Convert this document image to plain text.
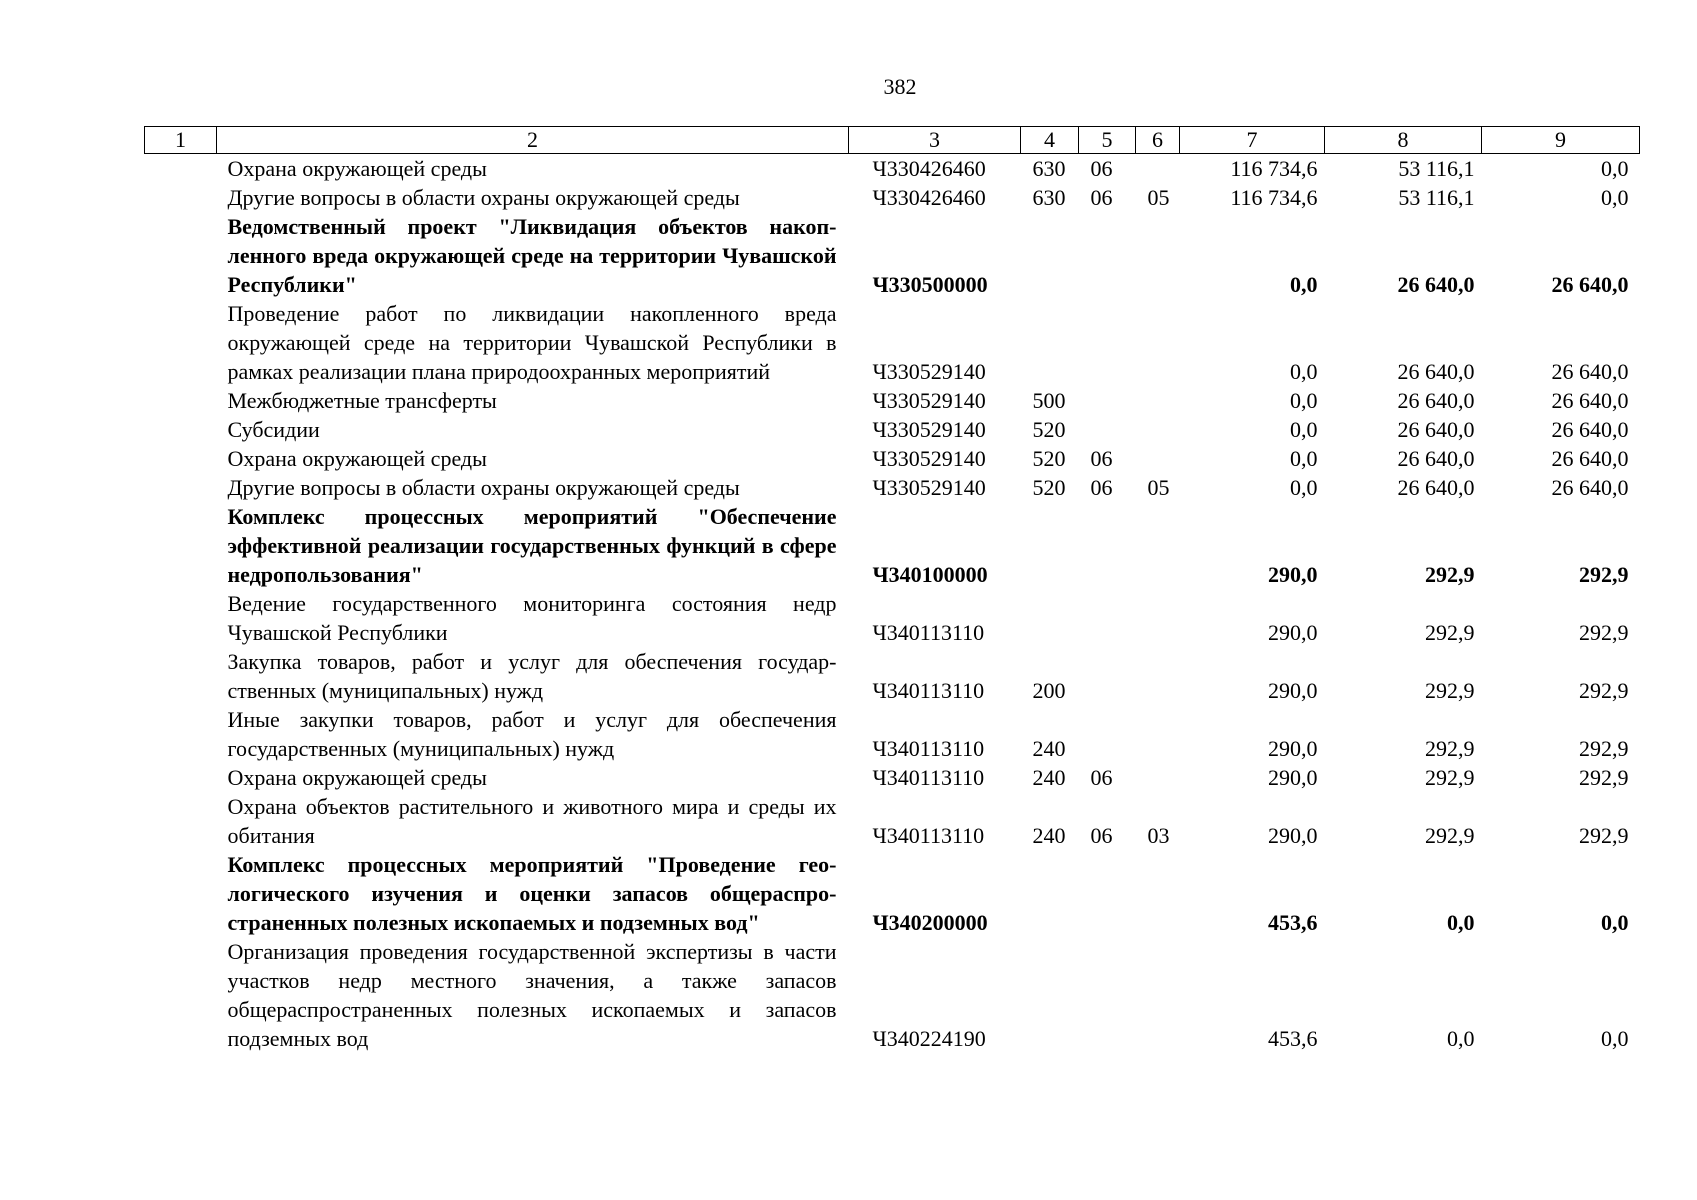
382
1	2	3	4	5	6	7	8	9
	Охрана окружающей среды	Ч330426460	630	06		116 734,6	53 116,1	0,0
	Другие вопросы в области охраны окружающей среды	Ч330426460	630	06	05	116 734,6	53 116,1	0,0
	Ведомственный проект "Ликвидация объектов накопленного вреда окружающей среде на территории Чувашской Республики"	Ч330500000				0,0	26 640,0	26 640,0
	Проведение работ по ликвидации накопленного вреда окружающей среде на территории Чувашской Республики в рамках реализации плана природоохранных мероприятий	Ч330529140				0,0	26 640,0	26 640,0
	Межбюджетные трансферты	Ч330529140	500			0,0	26 640,0	26 640,0
	Субсидии	Ч330529140	520			0,0	26 640,0	26 640,0
	Охрана окружающей среды	Ч330529140	520	06		0,0	26 640,0	26 640,0
	Другие вопросы в области охраны окружающей среды	Ч330529140	520	06	05	0,0	26 640,0	26 640,0
	Комплекс процессных мероприятий "Обеспечение эффективной реализации государственных функций в сфере недропользования"	Ч340100000				290,0	292,9	292,9
	Ведение государственного мониторинга состояния недр Чувашской Республики	Ч340113110				290,0	292,9	292,9
	Закупка товаров, работ и услуг для обеспечения государственных (муниципальных) нужд	Ч340113110	200			290,0	292,9	292,9
	Иные закупки товаров, работ и услуг для обеспечения государственных (муниципальных) нужд	Ч340113110	240			290,0	292,9	292,9
	Охрана окружающей среды	Ч340113110	240	06		290,0	292,9	292,9
	Охрана объектов растительного и животного мира и среды их обитания	Ч340113110	240	06	03	290,0	292,9	292,9
	Комплекс процессных мероприятий "Проведение геологического изучения и оценки запасов общераспространенных полезных ископаемых и подземных вод"	Ч340200000				453,6	0,0	0,0
	Организация проведения государственной экспертизы в части участков недр местного значения, а также запасов общераспространенных полезных ископаемых и запасов подземных вод	Ч340224190				453,6	0,0	0,0
